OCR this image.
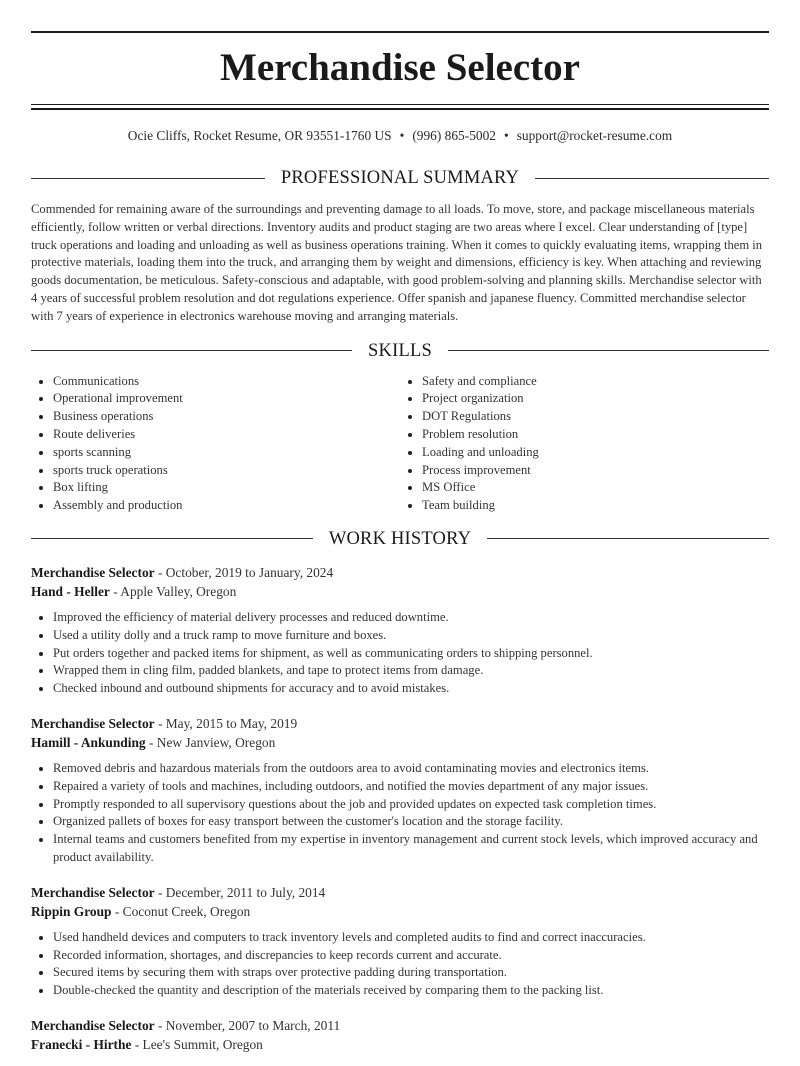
Merchandise Selector
Ocie Cliffs, Rocket Resume, OR 93551-1760 US • (996) 865-5002 • support@rocket-resume.com
PROFESSIONAL SUMMARY

Commended for remaining aware of the surroundings and preventing damage to all loads. To move, store, and package miscellaneous materials efficiently, follow written or verbal directions. Inventory audits and product staging are two areas where I excel. Clear understanding of [type] truck operations and loading and unloading as well as business operations training. When it comes to quickly evaluating items, wrapping them in protective materials, loading them into the truck, and arranging them by weight and dimensions, efficiency is key. When attaching and reviewing goods documentation, be meticulous. Safety-conscious and adaptable, with good problem-solving and planning skills. Merchandise selector with 4 years of successful problem resolution and dot regulations experience. Offer spanish and japanese fluency. Committed merchandise selector with 7 years of experience in electronics warehouse moving and arranging materials.

SKILLS
Communications
Operational improvement
Business operations
Route deliveries
sports scanning
sports truck operations
Box lifting
Assembly and production
Safety and compliance
Project organization
DOT Regulations
Problem resolution
Loading and unloading
Process improvement
MS Office
Team building
WORK HISTORY
Merchandise Selector - October, 2019 to January, 2024
Hand - Heller - Apple Valley, Oregon
Improved the efficiency of material delivery processes and reduced downtime.
Used a utility dolly and a truck ramp to move furniture and boxes.
Put orders together and packed items for shipment, as well as communicating orders to shipping personnel.
Wrapped them in cling film, padded blankets, and tape to protect items from damage.
Checked inbound and outbound shipments for accuracy and to avoid mistakes.
Merchandise Selector - May, 2015 to May, 2019
Hamill - Ankunding - New Janview, Oregon
Removed debris and hazardous materials from the outdoors area to avoid contaminating movies and electronics items.
Repaired a variety of tools and machines, including outdoors, and notified the movies department of any major issues.
Promptly responded to all supervisory questions about the job and provided updates on expected task completion times.
Organized pallets of boxes for easy transport between the customer's location and the storage facility.
Internal teams and customers benefited from my expertise in inventory management and current stock levels, which improved accuracy and product availability.
Merchandise Selector - December, 2011 to July, 2014
Rippin Group - Coconut Creek, Oregon
Used handheld devices and computers to track inventory levels and completed audits to find and correct inaccuracies.
Recorded information, shortages, and discrepancies to keep records current and accurate.
Secured items by securing them with straps over protective padding during transportation.
Double-checked the quantity and description of the materials received by comparing them to the packing list.
Merchandise Selector - November, 2007 to March, 2011
Franecki - Hirthe - Lee's Summit, Oregon
